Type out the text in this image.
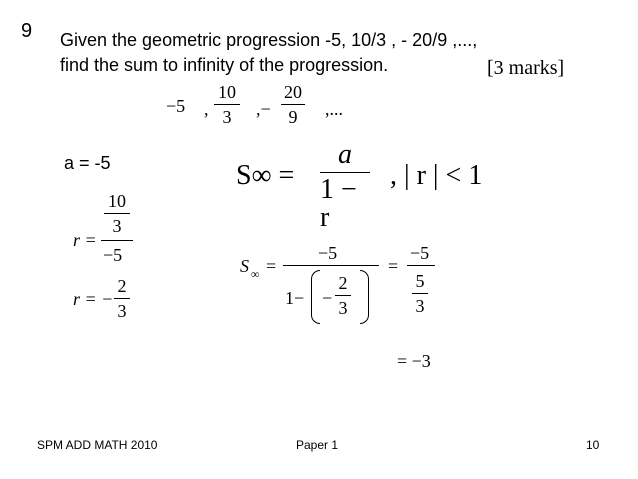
9 Given the geometric progression -5, 10/3 , - 20/9 ,...,
find the sum to infinity of the progression.	[3 marks]
−5 ,
10
3 ,−
20
9 ,...
a = -5	S∞ =
a
1 − r
, | r | < 1
r =
10
3
−5
r = −
2
3
S ∞ =
−5
1− −
2
3
=
−5
5
3
= −3
SPM ADD MATH 2010	Paper 1	10
